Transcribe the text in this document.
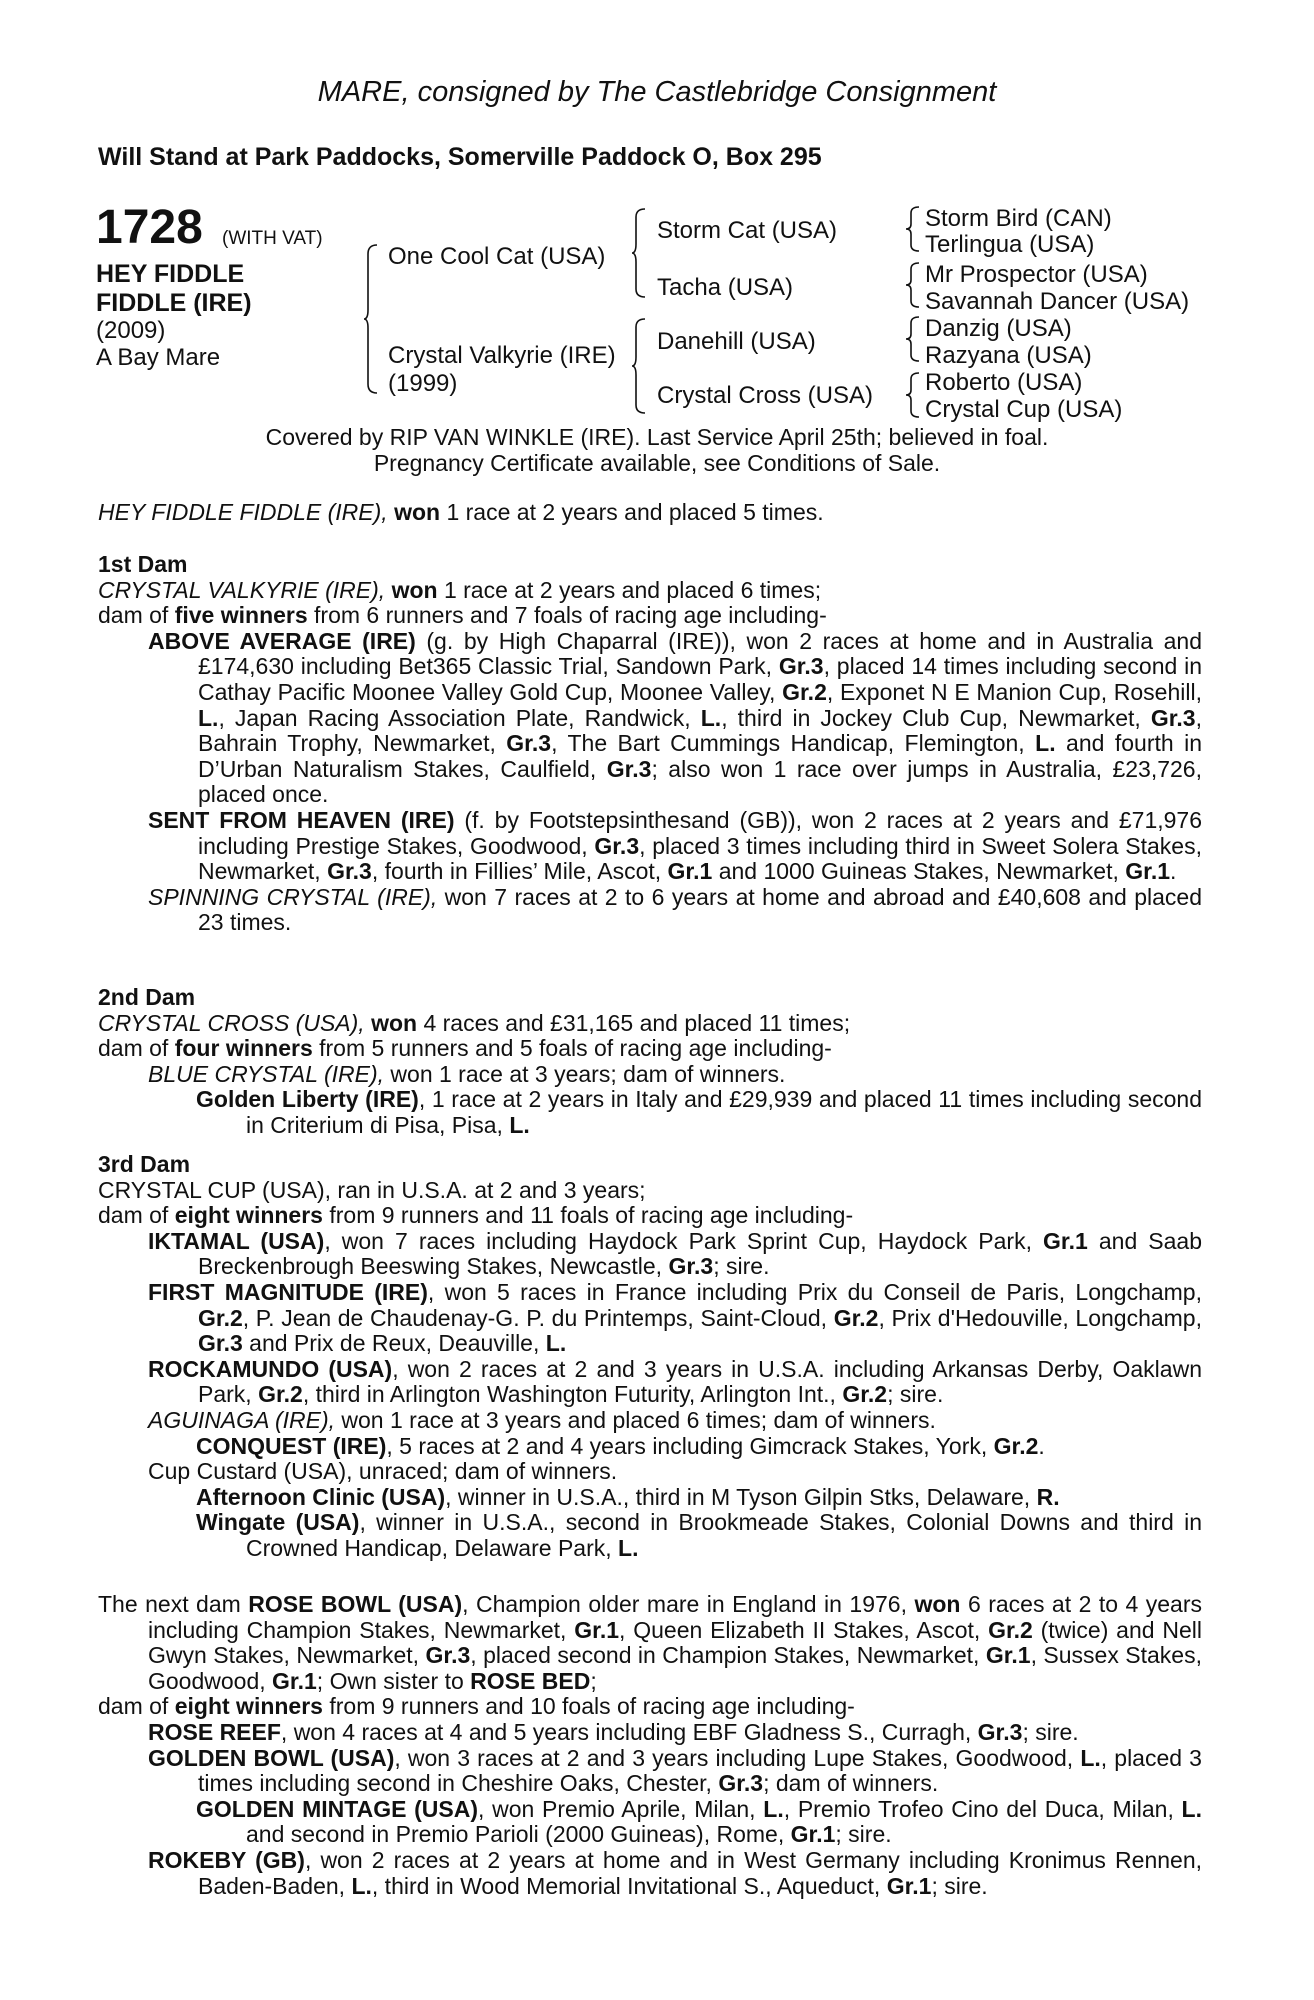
MARE, consigned by The Castlebridge Consignment
Will Stand at Park Paddocks, Somerville Paddock O, Box 295
1728 (WITH VAT)
HEY FIDDLE
FIDDLE (IRE)
(2009)
A Bay Mare
One Cool Cat (USA)
Crystal Valkyrie (IRE)
(1999)
Storm Cat (USA)
Tacha (USA)
Danehill (USA)
Crystal Cross (USA)
Storm Bird (CAN)
Terlingua (USA)
Mr Prospector (USA)
Savannah Dancer (USA)
Danzig (USA)
Razyana (USA)
Roberto (USA)
Crystal Cup (USA)
Covered by RIP VAN WINKLE (IRE). Last Service April 25th; believed in foal.
Pregnancy Certificate available, see Conditions of Sale.

HEY FIDDLE FIDDLE (IRE), won 1 race at 2 years and placed 5 times.

1st Dam

CRYSTAL VALKYRIE (IRE), won 1 race at 2 years and placed 6 times;

dam of five winners from 6 runners and 7 foals of racing age including-

ABOVE AVERAGE (IRE) (g. by High Chaparral (IRE)), won 2 races at home and in Australia and £174,630 including Bet365 Classic Trial, Sandown Park, Gr.3, placed 14 times including second in Cathay Pacific Moonee Valley Gold Cup, Moonee Valley, Gr.2, Exponet N E Manion Cup, Rosehill, L., Japan Racing Association Plate, Randwick, L., third in Jockey Club Cup, Newmarket, Gr.3, Bahrain Trophy, Newmarket, Gr.3, The Bart Cummings Handicap, Flemington, L. and fourth in D’Urban Naturalism Stakes, Caulfield, Gr.3; also won 1 race over jumps in Australia, £23,726, placed once.

SENT FROM HEAVEN (IRE) (f. by Footstepsinthesand (GB)), won 2 races at 2 years and £71,976 including Prestige Stakes, Goodwood, Gr.3, placed 3 times including third in Sweet Solera Stakes, Newmarket, Gr.3, fourth in Fillies’ Mile, Ascot, Gr.1 and 1000 Guineas Stakes, Newmarket, Gr.1.

SPINNING CRYSTAL (IRE), won 7 races at 2 to 6 years at home and abroad and £40,608 and placed 23 times.

2nd Dam

CRYSTAL CROSS (USA), won 4 races and £31,165 and placed 11 times;

dam of four winners from 5 runners and 5 foals of racing age including-

BLUE CRYSTAL (IRE), won 1 race at 3 years; dam of winners.

Golden Liberty (IRE), 1 race at 2 years in Italy and £29,939 and placed 11 times including second in Criterium di Pisa, Pisa, L.

3rd Dam

CRYSTAL CUP (USA), ran in U.S.A. at 2 and 3 years;

dam of eight winners from 9 runners and 11 foals of racing age including-

IKTAMAL (USA), won 7 races including Haydock Park Sprint Cup, Haydock Park, Gr.1 and Saab Breckenbrough Beeswing Stakes, Newcastle, Gr.3; sire.

FIRST MAGNITUDE (IRE), won 5 races in France including Prix du Conseil de Paris, Longchamp, Gr.2, P. Jean de Chaudenay-G. P. du Printemps, Saint-Cloud, Gr.2, Prix d'Hedouville, Longchamp, Gr.3 and Prix de Reux, Deauville, L.

ROCKAMUNDO (USA), won 2 races at 2 and 3 years in U.S.A. including Arkansas Derby, Oaklawn Park, Gr.2, third in Arlington Washington Futurity, Arlington Int., Gr.2; sire.

AGUINAGA (IRE), won 1 race at 3 years and placed 6 times; dam of winners.

CONQUEST (IRE), 5 races at 2 and 4 years including Gimcrack Stakes, York, Gr.2.

Cup Custard (USA), unraced; dam of winners.

Afternoon Clinic (USA), winner in U.S.A., third in M Tyson Gilpin Stks, Delaware, R.

Wingate (USA), winner in U.S.A., second in Brookmeade Stakes, Colonial Downs and third in Crowned Handicap, Delaware Park, L.

The next dam ROSE BOWL (USA), Champion older mare in England in 1976, won 6 races at 2 to 4 years including Champion Stakes, Newmarket, Gr.1, Queen Elizabeth II Stakes, Ascot, Gr.2 (twice) and Nell Gwyn Stakes, Newmarket, Gr.3, placed second in Champion Stakes, Newmarket, Gr.1, Sussex Stakes, Goodwood, Gr.1; Own sister to ROSE BED;

dam of eight winners from 9 runners and 10 foals of racing age including-

ROSE REEF, won 4 races at 4 and 5 years including EBF Gladness S., Curragh, Gr.3; sire.

GOLDEN BOWL (USA), won 3 races at 2 and 3 years including Lupe Stakes, Goodwood, L., placed 3 times including second in Cheshire Oaks, Chester, Gr.3; dam of winners.

GOLDEN MINTAGE (USA), won Premio Aprile, Milan, L., Premio Trofeo Cino del Duca, Milan, L. and second in Premio Parioli (2000 Guineas), Rome, Gr.1; sire.

ROKEBY (GB), won 2 races at 2 years at home and in West Germany including Kronimus Rennen, Baden-Baden, L., third in Wood Memorial Invitational S., Aqueduct, Gr.1; sire.
